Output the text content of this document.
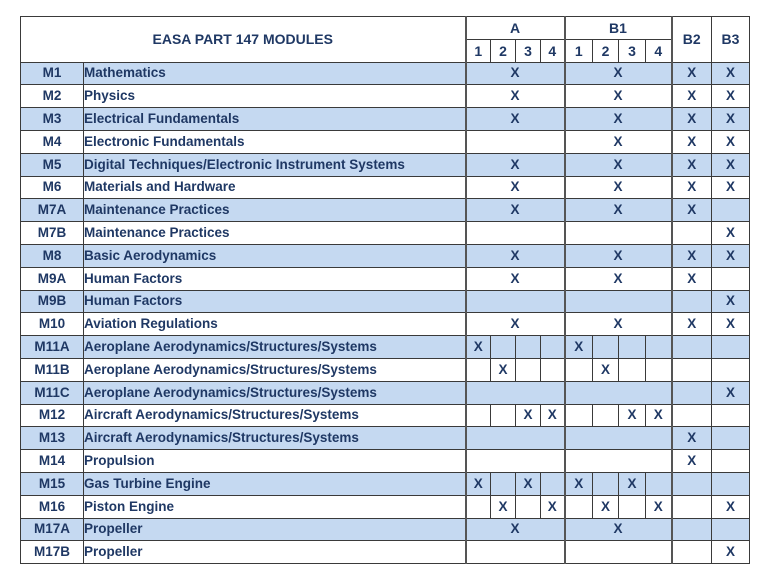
EASA PART 147 MODULES		A				B1				B2	B3
		1	2	3	4	1	2	3	4		
M1	Mathematics	X				X				X	X
M2	Physics	X				X				X	X
M3	Electrical Fundamentals	X				X				X	X
M4	Electronic Fundamentals					X				X	X
M5	Digital Techniques/Electronic Instrument Systems	X				X				X	X
M6	Materials and Hardware	X				X				X	X
M7A	Maintenance Practices	X				X				X	
M7B	Maintenance Practices										X
M8	Basic Aerodynamics	X				X				X	X
M9A	Human Factors	X				X				X	
M9B	Human Factors										X
M10	Aviation Regulations	X				X				X	X
M11A	Aeroplane Aerodynamics/Structures/Systems	X				X					
M11B	Aeroplane Aerodynamics/Structures/Systems		X				X				
M11C	Aeroplane Aerodynamics/Structures/Systems										X
M12	Aircraft Aerodynamics/Structures/Systems			X	X			X	X		
M13	Aircraft Aerodynamics/Structures/Systems									X	
M14	Propulsion									X	
M15	Gas Turbine Engine	X		X		X		X			
M16	Piston Engine		X		X		X		X		X
M17A	Propeller	X				X					
M17B	Propeller										X
